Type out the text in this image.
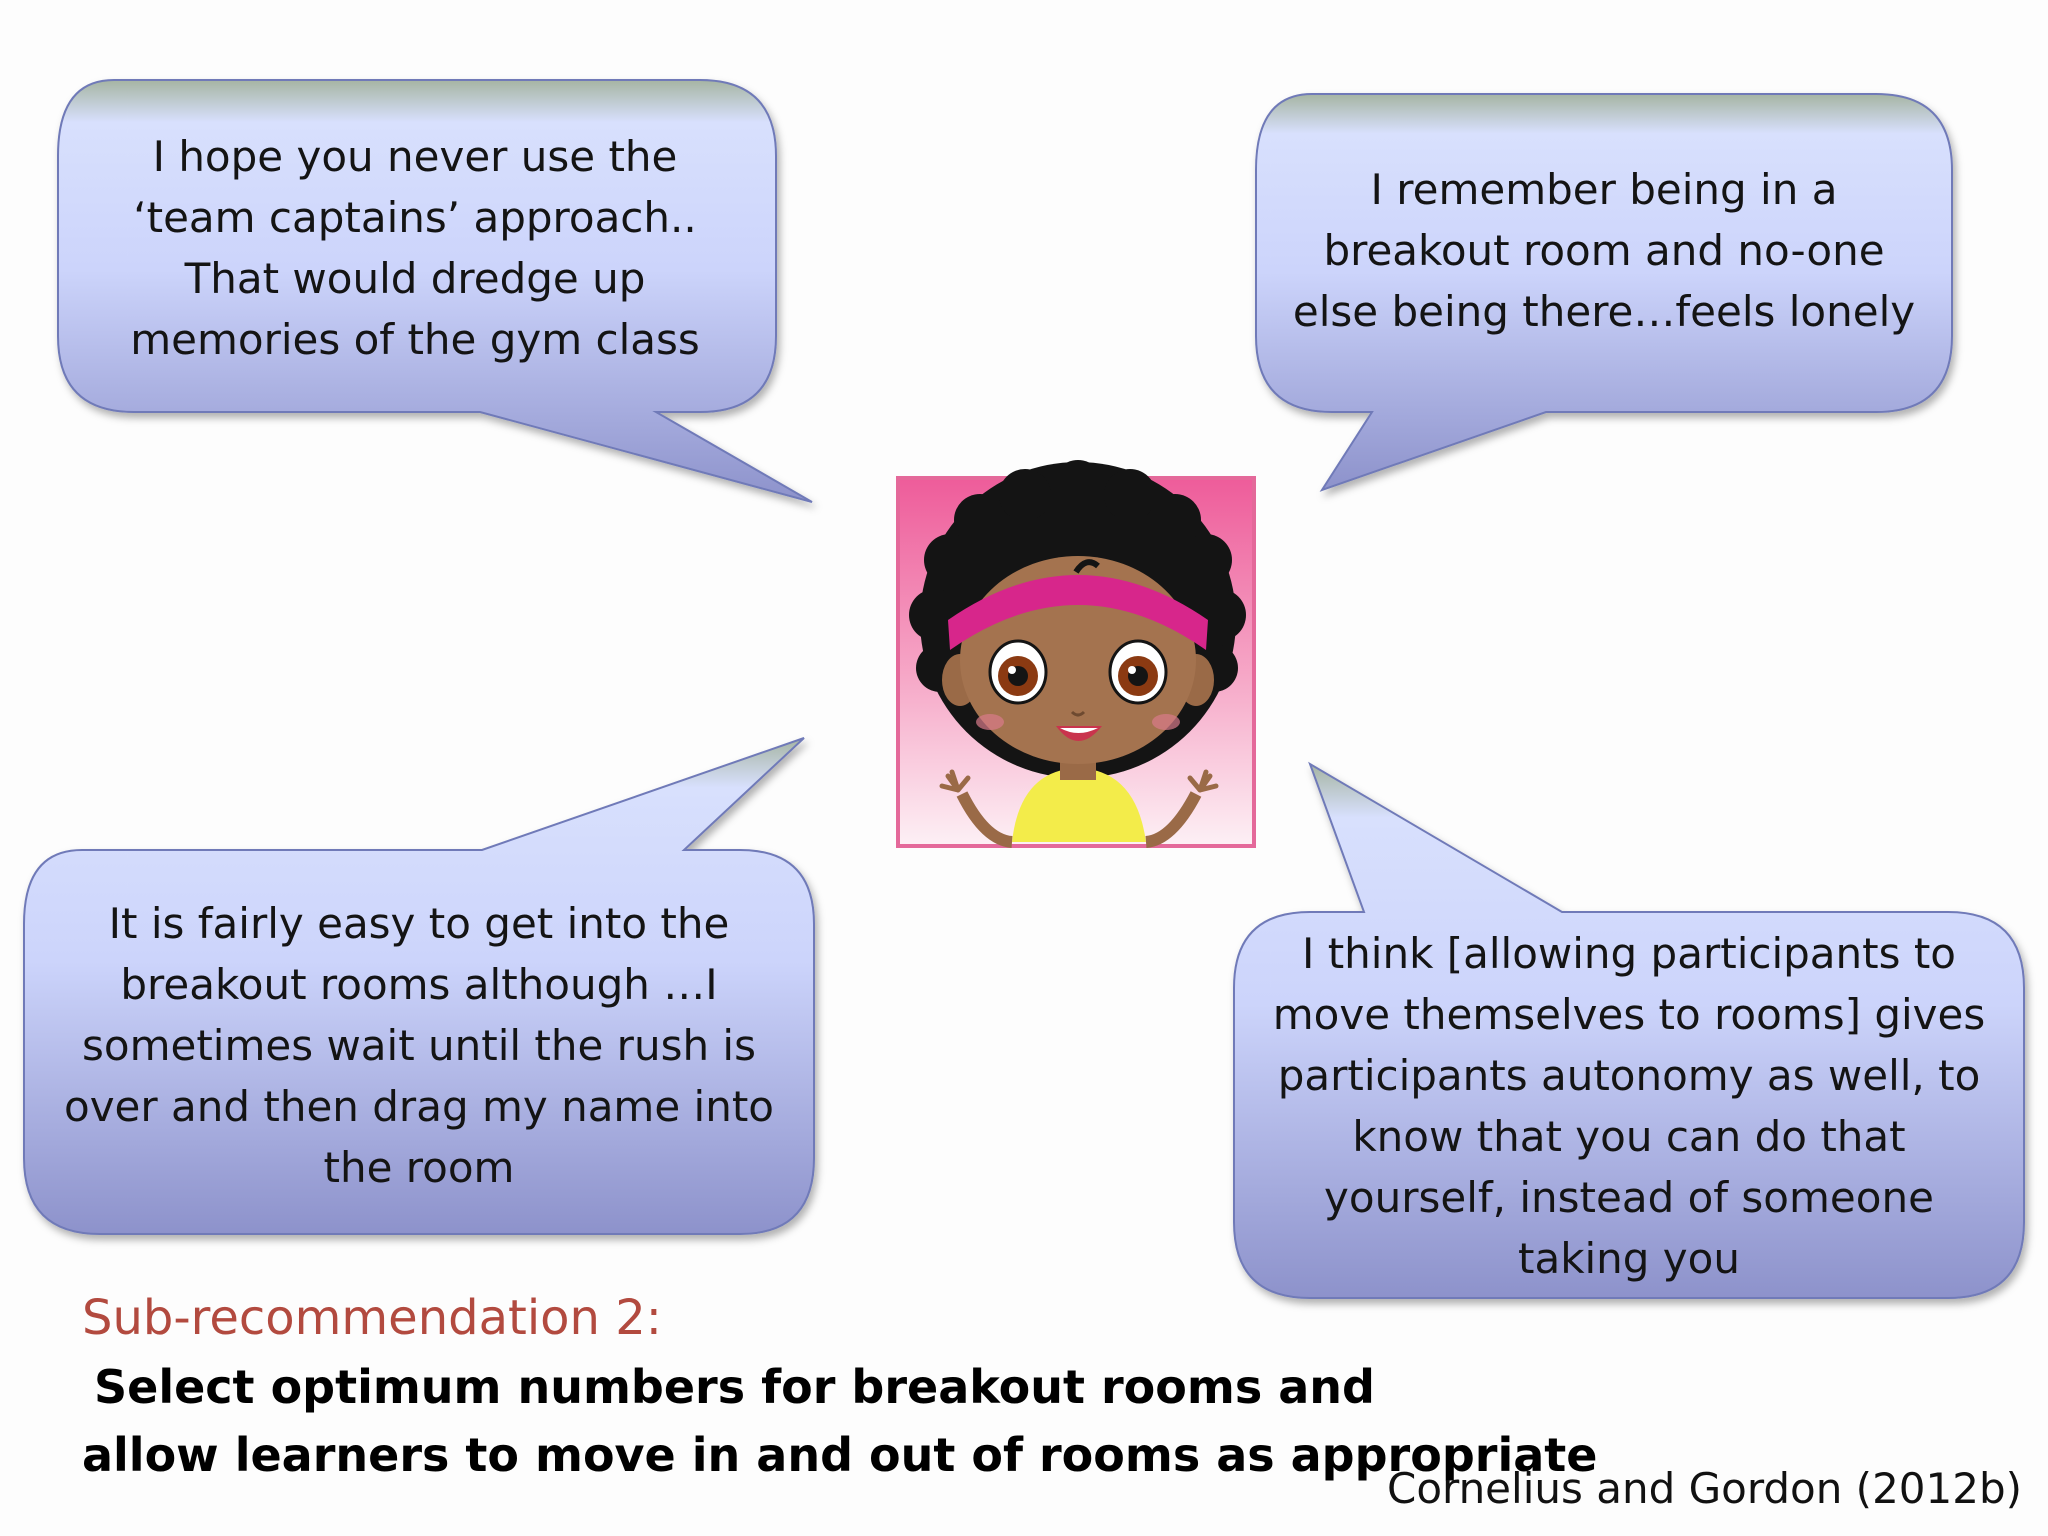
I hope you never use the
‘team captains’ approach..
That would dredge up
memories of the gym class
I remember being in a
breakout room and no-one
else being there…feels lonely
It is fairly easy to get into the
breakout rooms although …I
sometimes wait until the rush is
over and then drag my name into
the room
I think [allowing participants to
move themselves to rooms] gives
participants autonomy as well, to
know that you can do that
yourself, instead of someone
taking you
Sub-recommendation 2:
Select optimum numbers for breakout rooms and
allow learners to move in and out of rooms as appropriate
Cornelius and Gordon (2012b)
